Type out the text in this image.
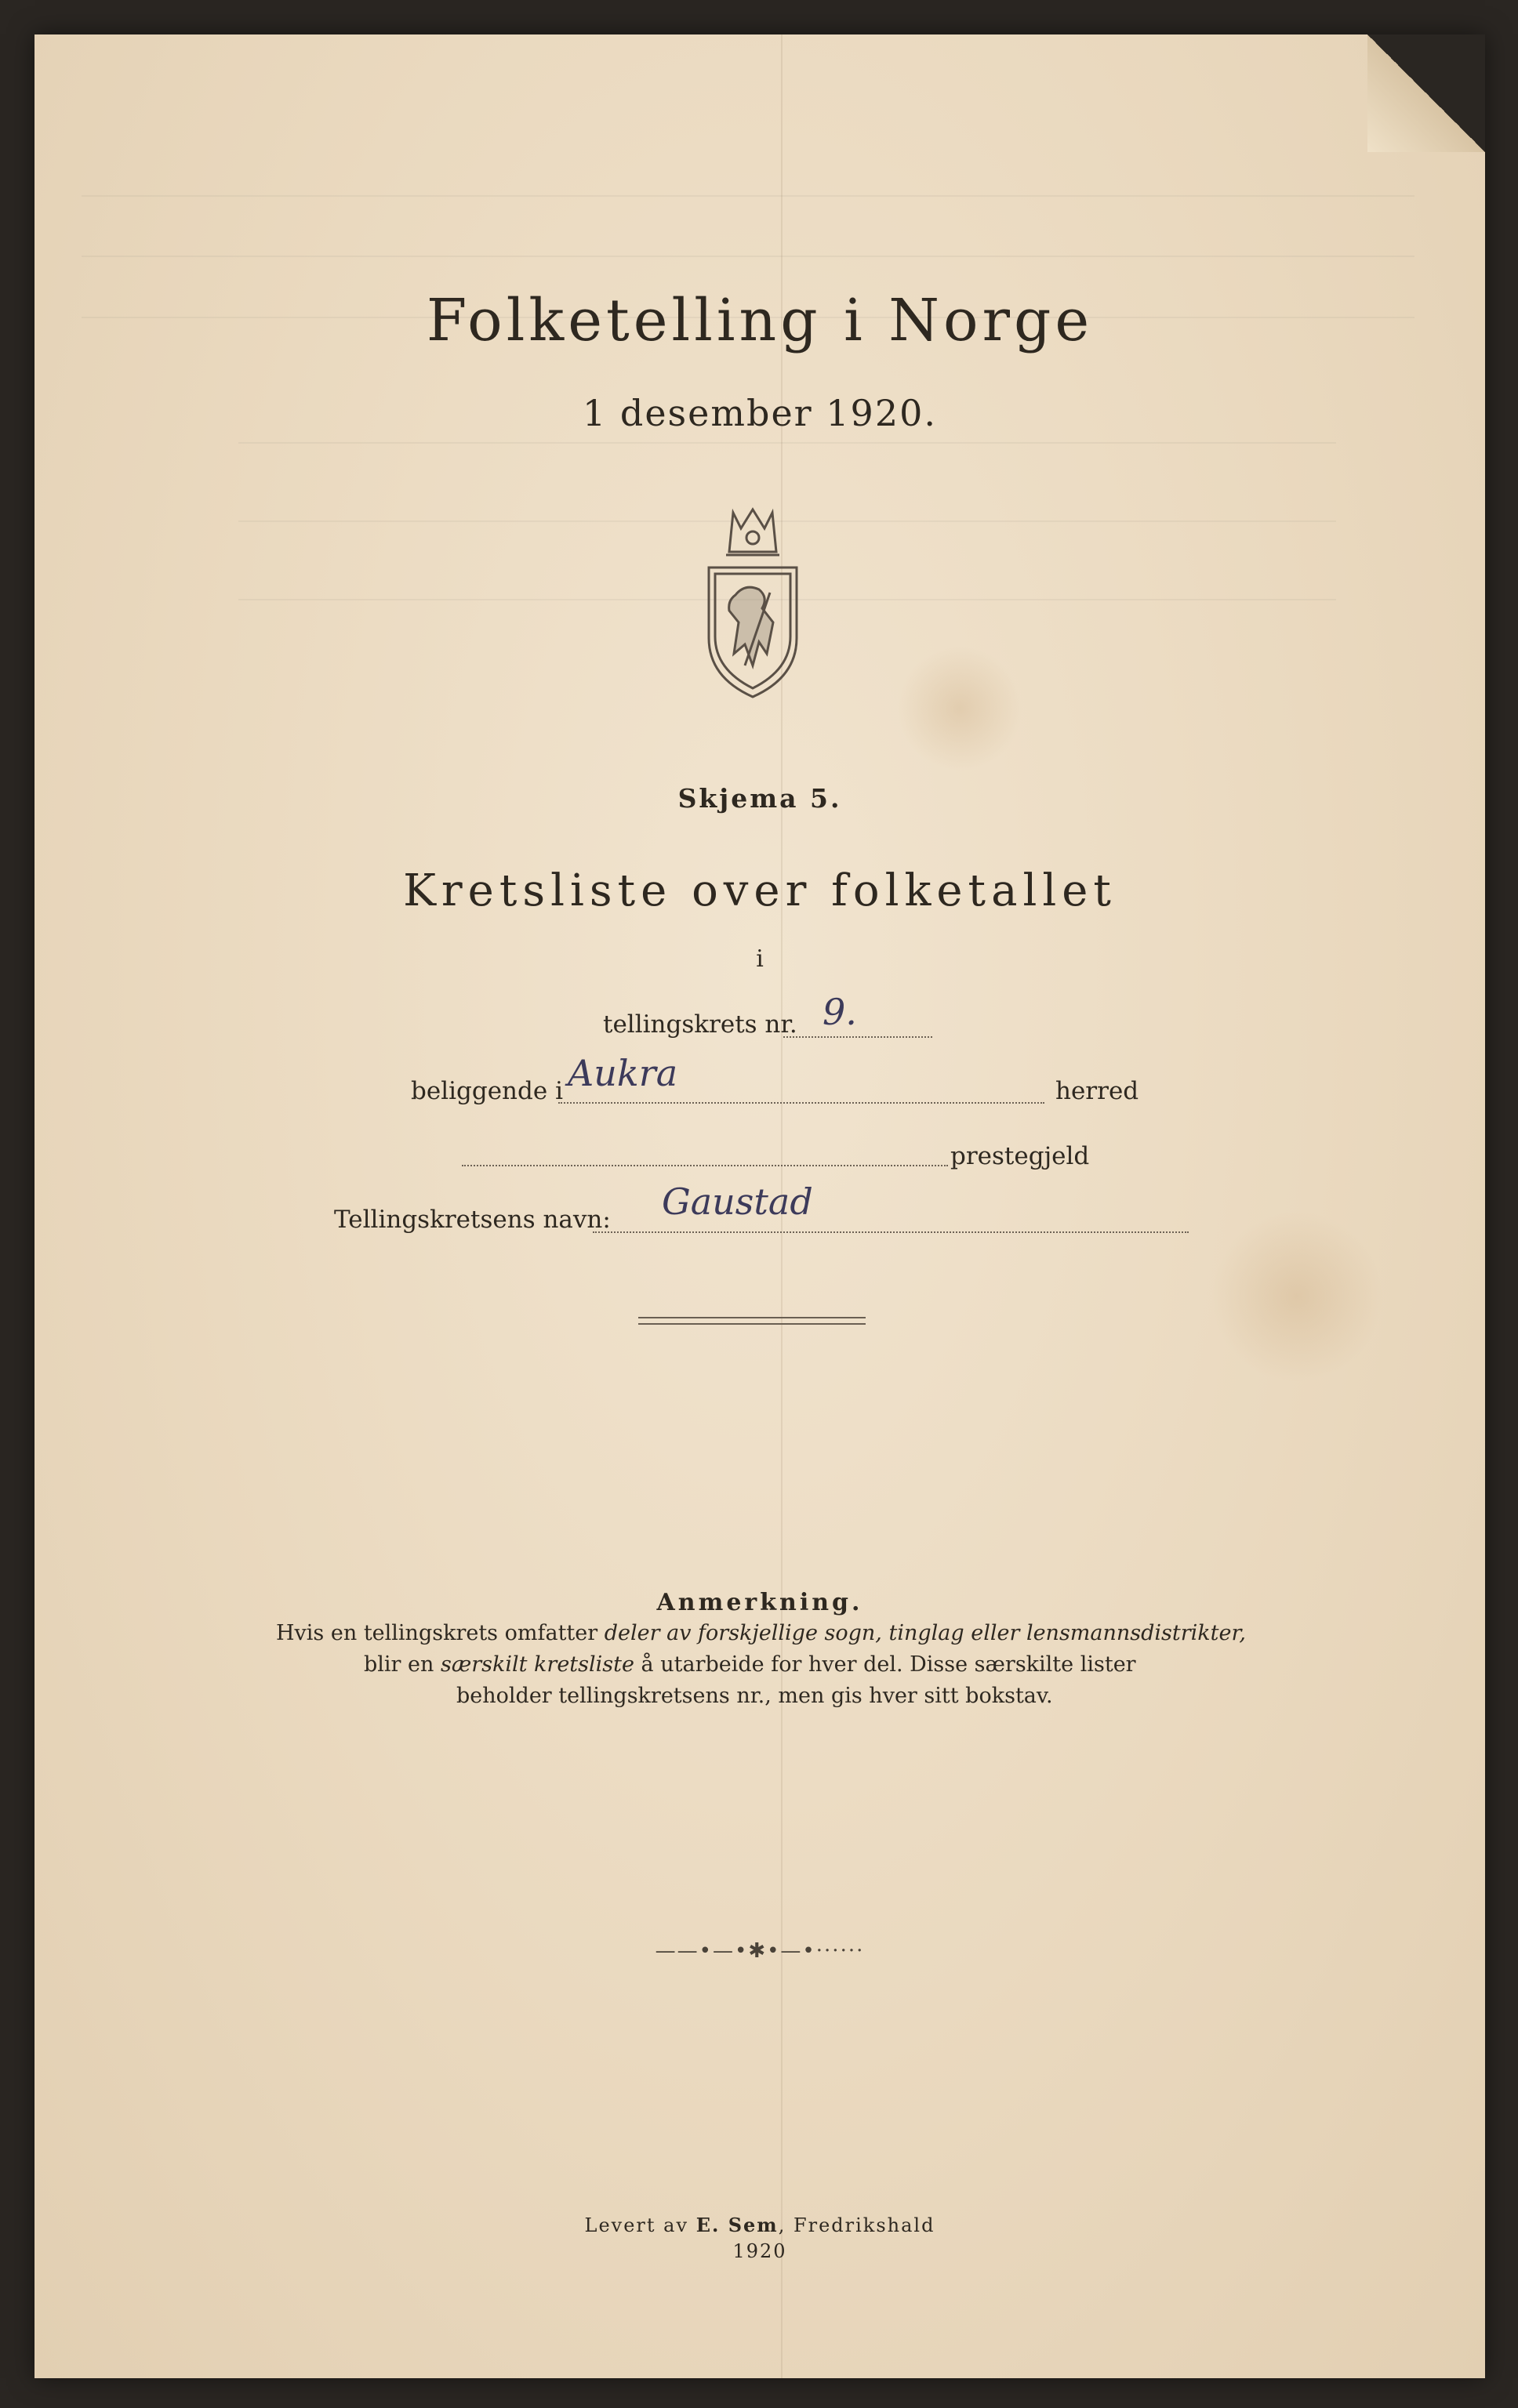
Folketelling i Norge
1 desember 1920.
Skjema 5.
Kretsliste over folketallet
i
tellingskrets nr. 9.
beliggende i Aukra	herred
prestegjeld
Tellingskretsens navn: Gaustad
Anmerkning.
Hvis en tellingskrets omfatter deler av forskjellige sogn, tinglag eller lensmannsdistrikter,
blir en særskilt kretsliste å utarbeide for hver del. Disse særskilte lister
beholder tellingskretsens nr., men gis hver sitt bokstav.
——•—•✱•—•······
Levert av E. Sem, Fredrikshald
1920
